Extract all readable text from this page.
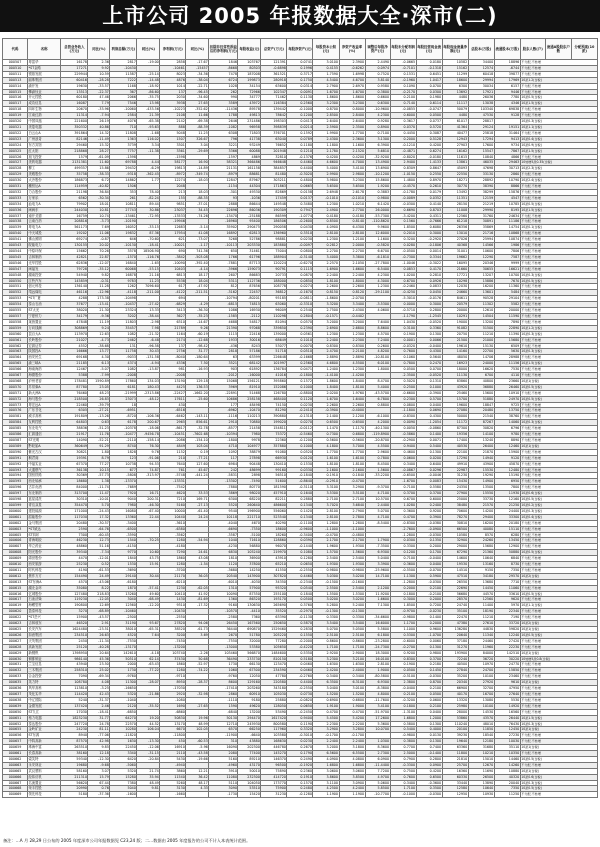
上市公司 2005 年报数据大全·深市(二)
代码	名称	总营业务收入(万元)	同比(%)	利润总额(万元)	同比(%)	净利润(万元)	同比(%)	扣除非经常性损益后的净利润(万元)	每股收益(元)	总资产(万元)	每股净资产(元)	每股资本公积(元)	净资产收益率(%)	调整后每股净资产(元)	每股未分配利润(元)	每股经营现金流(元)	每股现金流量净额(元)	总股本(万股)	流通股本(万股)	股东人数(户)	流通A股股东户数	分配预案(10派)
000507	粤富华	16178	2.36	2817	-19.00	2858	-17.67	1846	103767	121391	0.0741	3.0100	2.3900	2.4490	-0.0665	0.0180	10582	34400	18896	不分配,不转增		
000510	*ST金路	17271	9.92	-10430		-10461	-15457	-8668	80303	-0.6898	0.1996	0.4155	-0.6262	0.0974	-0.7101	-0.1318	15162	12574	-6744	不分配,不转增		
000511	银基发展	229944	10.59	11587	-25.14	8023	-34.36	7478	187008	361521	0.3717	1.7590	1.6998	0.7520	0.1531	0.6451	11299	60418	39877	不分配,不转增		
000513	丽珠集团	60416	-28.28	7222	-14.48	4876	-38.04	6724	199873	280918	0.1750	4.5400	4.6700	3.8140	-0.1960	1.0417	18600	29994	17969	10派1.2(含税)		
000514	渝开发	19630	-33.57	1168	-18.92	1014	-22.71	1028	34154	63600	0.0314	2.7900	2.6970	0.9580	0.1090	0.0700	6300	30034	6157	不分配,不转增		
000515	攀渝钛业	13513	-22.37	367	-86.60	137	-96.45	262	72966	102347	0.0091	1.6700	1.6700	0.3800	-0.2170	0.0300	13692	17921	9446	不分配,不转增		
000516	开元控股	60180	47.46	2066	-35.75	2030	-34.60	990	34777	71462	0.1130	1.8600	1.8600	0.6600	0.2100	0.1980	4480	26036	7780	10派0.5(含税)		
000517	成功信息	16087	7.79	7546	13.98	3938	27.65	3589	43972	116384	0.2560	3.2300	3.2300	0.6300	0.7140	0.6114	11117	13038	4346	10派1.5(含税)		
000518	四环生物	20670	-33.96	-10060	-433.56	-10223	-352.62	-11436	89578	139442	-0.1000	0.8700	0.8000	-10.9600	-0.0855	-0.0747	50079	103340	69838	不分配,不转增		
000519	江南红箭	11314	-7.94	2584	21.39	2108	11.66	1788	49813	78642	0.1200	2.8500	2.8400	4.2300	0.6000	0.0500	4480	47530	9128	不分配,不转增		
000520	中国凤凰	221600	26.19	4076	-65.38	2142	-69.38	2646	231486	198303	0.0413	2.6400	2.6400	0.9280	0.3617	0.0737	61017	28817		10派0.3(含税)		
000521	美菱电器	350332	40.86	710	-93.63	888	-88.39	-1082	96958	398839	0.0214	2.5900	2.3500	0.8900	0.0370	0.5720	41364	29124	19151	10派1.1(含税)		
000522	白云山A	391864	14.32	11808	-1.68	5048	11.25	6308	71803	376701	0.1592	1.9900	1.7700	0.7100	0.4450	0.3087	40477	25818	31464	不分配,不转增		
000523	广州浪奇	82146	-11.49	1363	116.02	1507	326.67	796	41738	63040	0.0789	2.4300	2.3600	3.1300	0.2000	0.5128	12943	17294	9413	10派0.4(含税)		
000524	东方宾馆	29460	15.32	3739	3.34	3301	3.04	3221	93249	76652	0.1180	1.1800	1.1600	6.3900	-0.1210	0.4200	27903	17600	9734	10派0.9(含税)		
000525	红太阳	218868	28.27	7757	-11.38	3361	-29.69	3366	60088	201948	0.1210	2.1780	2.1520	5.6810	-0.4871	0.6274	16162	15547	7867	10派1.5(含税)		
000526	旭飞投资	1579	-61.09	-1598		-1598		-1597	4869	32810	-0.1376	0.4200	0.4200	-32.9200	-0.8020	-0.0180	11615	10840	4866	不分配,不转增		
000527	美的电器	2131381	11.60	69788	4.44	58177	16.90	58321	366486	946648	0.4460	4.6600	4.7000	13.4900	2.9400	1.4133	13861	46035	29463	10转增5派0.35(含税)		
000528	柳工	499357	15.86	29432	-6.29	19813	-14.89	21131	161158	384857	0.4400	5.4000	3.4100	13.6900	0.8309	0.8647	45093	47698	30713	10派2.3(含税)		
000529	美雅股份	35758	-38.33	-9318	-362.45	-8972	-349.74	-8979	88681	81480	-0.3020	2.9900	2.9800	-10.1200	-1.0150	0.2550	22550	33130	2860	不分配,不转增		
000530	大冷股份	186873	6.72	14862	1.77	12274	-18.03	12847	87967	303211	0.4800	3.9800	3.2300	15.8600	1.4800	0.8970	18271	28892	10790	10派2.4(含税)		
000531	穗恒运A	114959	-40.82	1506		2048		-1154	44304	171863	0.0665	3.6500	3.6500	1.9200	-0.4570	0.2610	30770	38390	8866	不分配,不转增		
000532	力合股份	21198	36.84	353	78.40	213	18.03	-301	49330	82869	0.0158	2.6948	2.6178	0.3883	-0.1780	0.0179	13492	38299	15876	不分配,不转增		
000533	万家乐	6562	-30.34	261	-82.24	155	-88.35	93	-1036	17459	0.0137	-0.1010	-0.1010	0.9800	-0.0089	0.0352	11351	12159	4547	不分配,不转增		
000534	汕电力A	79902	18.01	10811	89.44	9851	-37.01	2888	86644	149548	0.3480	1.2300	1.0210	6.1420	-0.0300	0.4140	28150	21219	10785	10派0.5(含税)		
000536	闽闽东	244030	10.81	27743	30.86	23037	34.45	22696	86036	190309	0.7947	2.4900	2.7700	26.0000	0.6690	0.8703	11008	29990	8195	10派1.5(含税)		
000537	南开戈德	16759	10.74	-13461	-72.95	-13533	-74.26	-13470	-25188	86599	-1.0774	0.4180	0.4180	-53.7300	-3.4200	0.4311	12560	31760	24634	不分配,不转增		
000538	云南白药	208816	-3.73	-10190		-19946		-16960	95400	186506	-0.2600	0.8500	0.8140	-110.8620	0.1560	-0.7666	61218	30891	11186	不分配,不转增		
000539	粤电力A	561173	7.69	16052	-33.15	12683	-5.14	35902	290475	290058	0.0430	4.0900	6.4300	9.9600	1.8500	0.6080	26356	35869	14754	10派0.1(含税)		
000540	中天城投	19202	11.06	19832	87.36	17954	41.08	16892	62813	136960	0.3510	2.8100	2.8100	12.6000	0.2010	0.3000	13010	21716	10868	不分配,不转增		
000541	佛山照明	69274	-0.87	646	-70.60	621	-73.07	3268	52786	98881	0.0230	1.2300	1.2100	1.1600	0.3200	-0.2920	27026	25994	10874	不分配,不转增		
000543	皖能电力	130155	20.02	-10130	-18.41	-10021	-1.17	-10113	203330	183880	-0.0097	0.2812	2.0000	-0.5820	0.0280	-0.1806	40368	14566	1986	不分配,不转增		
000544	中原环保	15662	70.26	3578	18506.90	690	741.36	650	31461	75004	0.0800	2.2700	2.2700	6.6700	-0.0500	0.0014	31001	10600	7806	不分配,不转增		
000545	吉林制药	42821	22.87	-1570	-116.76	-3842	-503.08	1766	61796	188904	-0.3140	3.4000	3.3800	-6.1810	-0.7300	0.3344	19662	12290	7587	不分配,不转增		
000546	光华控股	62836	-12.07	16840	-1.65	-10090	-392.40	-7881	87713	120224	-0.6270	2.2570	2.1050	-27.7800	-1.0046	-0.3022	16095	20346	9999	不分配,不转增		
000547	闽福发	79728	-35.12	60068	-53.15	10403	-4.14	-3966	159073	90791	0.1115	1.6900	1.6600	6.5400	0.0853	0.4170	21660	30655	16621	不分配,不转增		
000548	湖南投资	54940	9.82	16878	21.16	6813	18.17	2607	86683	20733	0.0870	2.2400	2.2400	4.2300	1.0200	0.2810	17721	13207	10700	10派0.3(含税)		
000550	江铃汽车	145859	-0.31	9783	11.23	5538	18.04	5311	112736	188000	0.0850	1.8100	1.8000	4.3000	0.6700	0.0926	10298	15886	7670	10派0.5(含税)		
000551	创元科技	136140	11.28	1262	7096.60	617	-47.92	812	87656	108778	0.0274	2.2600	2.2600	1.2300	-0.2460	0.0833	12030	16200	11360	不分配,不转增		
000552	靖远煤电	46116	-12.96	-4118	-211.00	-4122	-211.51	-3162	22457	36812	-0.1670	0.8150	0.8120	-29.1100	-0.4250	0.0450	24660	13601	5484	不分配,不转增		
000553	*ST广夏	4288	173.38	-10498		694		-10794	-80201	95185	-0.0811	-1.8600	-2.0700		-5.3010	-0.0176	84611	90528	29104	不分配,不转增		
000554	泰山石油	37677	-13.41	-10437	-27.42	-6829	-4.29	-6815	74815	63060	-0.3310	3.3200	3.3400	-3.5300	0.0000	0.3000	20579	11302	5582	不分配,不转增		
000555	ST太光	38020	21.30	23324	13.33	3413	-36.30	1086	16930	96009	0.2540	2.7500	2.4300	4.0600	-0.5710	0.2800	20000	12610	20000	不分配,不转增		
000557	宁夏恒力	34179	-9.36	3202	-38.44	3627	-35.23	-1585	-2112	110298	0.2804	-0.1571	-0.4402		-1.1790	-1.2545	10291	14504	11590	不分配,不转增		
000558	莱茵置业	47848	11.19	11803	-2.98	6310	-14.67	4688	54817	81094	0.0570	3.2000	3.2000	7.6400	1.0430	-0.0520	19000	13200	7890	不分配,不转增		
000559	万向钱潮	308869	9.24	35457	7.98	21789	9.26	21390	97068	339850	0.2390	2.6900	2.6800	8.8600	0.3100	0.3360	91082	51500	22890	10派1.2(含税)		
000560	昆百大A	113970	12.63	1082	-21.32	1164	-60.19	1115	22416	139000	0.0561	1.2300	1.2300	4.5700	0.1900	0.1300	20750	11210	11390	10派0.3(含税)		
000561	长岭股份	21027	-4.73	2462	-6.48	2174	-12.68	1933	30016	68649	0.1010	2.2400	2.2300	7.2400	0.0001	0.0066	21500	21000	15680	不分配,不转增		
000562	宏源证券	4552	-38.68	131	-96.58	137	-98.42	-436	8243	53077	0.0070	0.8300	0.8300	0.2600	-0.0320	-0.0400	19610	15130	6509	不分配,不转增		
000563	陕国投A	16666	13.77	11758	30.43	2756	31.77	2818	57186	51718	0.0510	2.4700	2.2100	4.8200	0.7600	0.4300	14160	22700	5630	10派0.3(含税)		
000564	西安民生	69168	4.30	-9033	-131.58	-8040	-180.64	63	63399	226648	-0.1668	2.8890	2.8890	-10.8100	0.1060	0.5640	48050	14706	28988	不分配,不转增		
000565	渝三峡A	21185	6.13	4374	-4.94	4336	7.50	3521	68142	101997	0.2560	4.6800	4.5500	6.0100	0.7800	0.2470	16923	24000	11156	10派1.5(含税)		
000566	海南海药	12467	-5.07	1082	-13.87	981	-16.93	903	61892	136784	0.0471	1.2400	1.2300	1.8000	0.0500	0.0700	18000	16620	7530	不分配,不转增		
000567	海德股份	5388	-7.99	-2008		-2008		-2012	-16000	41016	-0.1800	-1.4100	-1.4200		-2.3500	-0.0520	11130	6700	4110	不分配,不转增		
000568	泸州老窖	178481	1590.89	17860	134.03	13190	129.18	15068	156121	395860	0.1572	1.8600	1.8400	8.4700	0.5020	0.1310	83860	40800	23660	10派1(含税)		
000570	苏常柴A	87780	23.05	6181	180.43	4425	136.53	3969	81910	152086	0.1000	1.8400	1.8100	5.4000	0.2500	0.1000	43920	36880	26460	10派0.5(含税)		
000571	新大洲A	76460	48.23	-21999	-2313.86	-22427	-1662.20	-22891	51468	126780	-0.8800	2.0200	1.9760	-43.5700	-0.6600	-0.3900	25460	15600	10910	不分配,不转增		
000572	海马股份	218500	26.83	23073	-48.12	17611	-25.60	10686	258158	468400	0.1120	1.6700	1.6400	6.7800	0.2300	0.5700	15700	51880	24970	10派0.5(含税)		
000573	粤宏远A	22460	-39.79	18		430		177	48498	74150	0.0230	2.2600	2.2600	0.8800	0.0800	0.0400	19600	18847	9725	不分配,不转增		
000576	广东甘化	6305	-27.21	-6951		-6516		-6962	-10470	81290	-0.2410	-0.3900	-0.4000		-1.1800	0.0690	27080	20480	13750	不分配,不转增		
000581	威孚高科	191809	-13.26	-8720	-106.36	-6462	-143.11	-1116	110213	390880	-0.1310	2.1400	2.1200	-6.1000	-0.8300	0.4300	50000	21540	38760	不分配,不转增		
000584	友利控股	64803	0.63	6178	200.67	2965	856.61	2910	70880	199020	0.0270	0.6500	0.6500	4.2000	0.0090	-1.2054	11172	87267	14060	10派0.3(含税)		
000585	东北电气	38836	-51.23	-10378	-18.06	-8617	-32.78	-8577	21458	154811	-0.0112	1.1470	1.1170	-40.1300	0.0050	-0.0860	87300	30820	6796	不分配,不转增		
000586	汇源通信	21917	11.76	-10477	-9456.78	-10451	-7602.68	-10394	7980	75372	-0.5460	0.7300	0.6800	-119.8900	-0.5860	0.1400	19356	14100	9780	不分配,不转增		
000587	ST光明	14090	-52.21	-2110	-158.14	-2086	-154.10	-1800	9978	22360	-0.1200	0.5600	0.5600	-20.8700	-0.2900	0.0071	17400	13240	8890	不分配,不转增		
000589	黔轮胎A	360649	91.29	8740	76.30	4849	103.04	4710	104977	357880	0.1000	4.1800	3.7000	4.5500	0.9400	0.5400	40530	26400	12460	10派1(含税)		
000590	紫光古汉	30821	1.80	1828	9.76	1152	0.19	1092	38879	91080	0.0520	1.7700	1.7700	2.9600	0.4600	0.1300	22100	21870	15900	不分配,不转增		
000591	桐君阁	19391	8.79	123	-91.06	210	-77.21	117	27898	66930	0.0120	1.6100	1.6100	0.7800	0.0600	0.0200	17290	14940	9120	不分配,不转增		
000592	中福实业	67370	77.27	10738	94.53	7640	127.60	6984	90448	130410	0.1530	1.8100	1.8100	8.4500	0.3400	0.6400	49910	43900	45870	不分配,不转增		
000593	大通燃气	36138	10.15	677	74.87	761	45.67	242	48699	99160	0.0330	2.1600	2.1600	1.5600	-0.0867	0.0296	22987	15530	12480	不分配,不转增		
000594	国恒铁路	30369	-57.73	-5808	-313.97	-5748	-441.24	-5831	2898	56510	-0.1840	0.1910	0.1840	-33.2200	-0.6500	-0.0046	31230	19290	15190	不分配,不转增		
000595	西北轴承	18680	1.38	-13370		-13331		-13302	-7490	51600	-0.8640	-0.2910	-0.4700		-1.6700	0.0083	15430	14900	6950	不分配,不转增		
000596	古井贡酒	84000	-11.74	-7689		-7542		-7880	80770	181590	-0.3110	3.3100	3.2900	-9.3700	0.7100	0.5580	24350	13500	7800	不分配,不转增		
000597	东北制药	313700	11.47	7920	16.71	4620	33.53	3869	98020	457910	0.1640	3.5300	3.5100	4.7100	0.3700	0.3700	27900	15550	11930	10派0.6(含税)		
000598	蓝星清洗	30310	-10.01	9040	200.31	7210	169.71	6300	68220	82211	0.2880	2.7100	2.7100	10.5700	0.6700	0.6000	25000	33730	12160	10派0.5(含税)		
000599	青岛双星	354470	5.70	7980	-46.30	5160	-27.13	5520	260640	486600	0.1340	3.7020	3.6840	2.4400	1.0280	0.2400	38480	21570	21250	10派0.2(含税)		
000600	建投能源	171000	-24.43	16080	-67.40	10000	-61.40	9540	196900	556060	0.1420	2.8100	2.7900	5.0700	0.3600	0.9200	70600	14200	24400	10派0.3(含税)		
000601	韶能股份	117030	17.32	13360	22.44	10440	24.24	10118	221710	523540	0.1340	2.8100	2.7800	4.7100	0.4700	0.3900	78270	29400	33300	10派0.4(含税)		
000602	金马集团	20480	-30.57	-3400		-3610		-4040	4670	40290	-0.1100	1.2800	1.2800	-8.5400	-0.8300	-0.0380	30810	16200	20180	不分配,不转增		
000603	*ST威达	2590	-64.76	-6500		-6380		-6690	-7350	18600	-0.9600	-1.1000	-1.1000		-2.7600	-0.0900	66500	40080	15110	不分配,不转增		
000605	ST四环	7300	-60.45	-3590		-3562		-3587	-5100	18260	-0.3400	-0.4700	-0.4800		-1.2800	-0.0300	10580	8570	6280	不分配,不转增		
000606	青海明胶	46230	12.73	1540	-70.25	1280	-54.94	1040	71610	128860	0.0390	2.1700	2.1700	1.7900	0.0300	0.1350	32900	24260	13450	不分配,不转增		
000607	华立药业	48860	51.16	-4150		-4180		-4230	56880	96070	-0.1440	1.9600	1.9300	-7.3500	0.3300	0.2000	29000	15680	12900	不分配,不转增		
000608	阳光股份	39340	-7.34	9770	10.60	7290	24.61	6830	105240	219970	0.1080	1.5700	1.5600	6.9300	0.1200	0.1700	67290	21360	50880	10派0.5(含税)		
000609	绵世股份	4470	-12.01	1840	43.75	1860	43.08	1810	36900	43910	0.1280	2.5400	2.5400	5.0400	0.7100	-0.0400	14600	10640	6840	不分配,不转增		
000610	西安旅游	25230	0.52	1530	15.91	1280	-1.54	1120	37800	65210	0.0650	1.9300	1.9300	3.3900	0.3600	0.0400	19530	13160	8730	不分配,不转增		
000611	时代科技	4190	-61.53	-3690		-3700		-3680	14250	41550	-0.2550	0.9800	0.9800	-25.9600	-0.5500	-0.0700	14510	9150	7350	不分配,不转增		
000612	焦作万方	154490	24.49	29140	30.44	21170	36.05	20540	143900	307820	0.4460	3.0300	3.0200	14.7100	1.1300	0.5900	47510	34180	29570	10派2(含税)		
000613	ST东海A	4570	-43.06	-6180		-6210		-6010	-4030	34350	-0.2340	-0.1500	-0.1600		-1.2800	-0.0300	26550	13680	7710	不分配,不转增		
000615	湖北金环	35080	8.22	1870	-57.41	1230	-62.05	1310	57900	95320	0.0540	2.5500	2.5400	2.1200	0.2000	0.2100	22690	14450	11060	不分配,不转增		
000616	亿城股份	127480	218.83	13260	49.60	10410	41.92	10090	87350	255100	0.1840	1.5500	1.5300	11.9200	0.1800	-0.2100	56680	44570	33610	10派0.5(含税)		
000617	石油济柴	119230	-12.05	3040	-68.49	1430	-81.69	1360	86320	193170	0.0500	3.0200	3.0200	1.6600	0.3000	0.2000	28570	12560	9620	不分配,不转增		
000619	海螺型材	190800	12.69	12560	-12.20	9310	-17.32	9160	130630	265690	0.3760	5.2800	5.2400	7.1300	1.8500	0.7200	24740	11400	5970	10派1.1(含税)		
000620	盈泰科技	3270	-68.89	-10460		-10430		-10570	-4410	35520	-0.2970	-0.1300	-0.1300		-0.9700	-0.0230	35100	18190	22340	不分配,不转增		
000622	*ST岳兴	15900	-43.57	-2500		-2550		-2580	7360	63390	-0.1130	0.3300	0.3300	-34.6600	-0.9800	0.1400	22470	11210	7190	不分配,不转增		
000623	吉林敖东	46520	2.91	31190	93.67	27820	94.06	26450	167560	250650	0.5870	3.5400	3.5400	16.6000	1.1700	0.2000	47380	27610	33720	10派2(含税)		
000625	长安汽车	1624480	-23.51	38010	-65.31	38520	-61.73	36440	690870	1529460	0.2830	5.0700	5.0500	5.5800	1.1000	0.9600	136280	44830	59820	10派1(含税)		
000626	如意集团	234510	26.63	4520	7.64	3200	3.69	2670	51780	205220	0.1550	2.5100	2.5100	6.1800	0.5300	-1.0700	20640	11340	12240	10派0.5(含税)		
000627	天茂集团	2450	-11.34	-7530		-7450		-7550	32000	77280	-0.2000	0.8600	0.8600	-23.2800	-0.6000	0.0060	37180	24460	27420	不分配,不转增		
000628	高新发展	25120	-40.28	-13170		-13200		-13000	53380	105650	-0.4220	1.7100	1.7100	-24.7300	-0.2700	0.1300	31270	11960	22230	不分配,不转增		
000629	新钢钒	1398950	20.64	142610	-4.18	103740	-2.26	103460	566870	1484600	0.5350	2.9200	2.9000	18.3000	0.9200	0.9800	193900	84000	142510	10派1(含税)		
000630	铜都铜业	986140	45.36	50510	62.14	37430	50.68	36490	233730	810150	0.5180	3.2300	3.2100	16.0100	0.8300	0.3700	72240	36720	30220	10转增5派0.8(含税)		
000631	兰宝信息	43940	23.50	2000	-63.43	1860	-52.97	1730	66130	123470	0.0460	1.6300	1.6300	2.8100	0.1900	0.2180	40500	10970	24770	不分配,不转增		
000632	三木集团	258310	25.02	1730	-77.22	1280	-74.22	1060	67300	234590	0.0460	2.4200	2.4000	1.9000	0.0500	0.1450	27840	24700	15850	不分配,不转增		
000633	合金投资	7090	-69.34	-9760		-9710		-9760	12050	47780	-0.2760	0.3400	0.3400	-80.5800	-0.5100	-0.0300	35200	10100	23460	不分配,不转增		
000635	英力特	108780	4.08	11300	-28.07	8950	-28.37	8600	129160	220580	0.4400	6.3500	6.3100	6.9300	2.3800	0.8700	20340	27920	9610	10派1(含税)		
000636	风华高科	113810	-3.25	-16650		-17030		-17410	203260	343180	-0.2550	3.0400	3.0100	-8.3800	-0.0400	0.2100	66900	32700	47950	不分配,不转增		
000637	茂化实华	114420	42.43	5320	-21.86	2920	-32.98	2860	60910	105030	0.0730	1.5200	1.5200	4.8000	0.2100	0.0500	40170	16700	27640	不分配,不转增		
000638	中辽国际	5240	-31.37	-1040		-1080		-1110	9180	25880	-0.0820	0.6900	0.6800	-11.7600	-0.3200	0.0600	13320	13080	5530	不分配,不转增		
000639	金德发展	137420	2.46	2120	-35.52	1690	-27.65	1590	49620	128050	0.0650	1.9100	1.9000	3.4100	0.1800	0.2100	25980	10100	14920	不分配,不转增		
000650	ST九江	17030	-18.41	-6850		-6860		-6840	13200	53490	-0.2450	0.4700	0.4700	-51.9700	-1.3100	0.0400	28000	14530	16560	不分配,不转增		
000651	格力电器	1823230	31.77	64270	19.20	50830	19.96	50130	294470	1617420	0.9400	5.4500	5.4200	17.2600	1.6800	1.2000	53860	43570	26440	10派1.5(含税)		
000652	泰达股份	247720	24.78	22570	44.52	13170	48.99	12710	245930	800580	0.1190	2.2300	2.2200	5.3600	0.5800	0.1300	110240	48010	76430	10派0.3(含税)		
000655	金岭矿业	24230	81.11	10280	106.04	6670	102.05	6570	66250	117960	0.3320	3.2900	3.2800	10.0700	0.5400	0.4000	20100	11850	12450	10派1(含税)		
000656	ST东源	8940	-77.06	-11820		-11800		-11900	-6640	103580	-0.3010	-0.1700	-0.1700		-0.9800	0.0130	39230	18540	27230	不分配,不转增		
000657	中钨高新	87570	42.98	1630	-13.30	450	-60.53	310	43880	168630	0.0230	2.2400	2.2400	1.0300	0.3800	0.1300	19640	12180	10030	不分配,不转增		
000659	珠海中富	263510	9.85	22450	-12.06	16910	-5.96	16090	202300	446780	0.2670	3.2000	3.1800	8.3600	0.7700	0.7400	63360	31680	35110	10派1(含税)		
000661	长春高新	38160	12.18	3340	-31.15	2110	-43.58	2080	77400	145270	0.1790	6.5600	6.5500	2.7300	2.5000	-0.1400	11800	10210	10350	不分配,不转增		
000662	索芙特	59340	-12.30	6420	-20.84	5430	-19.66	5160	89210	146370	0.2490	4.0900	4.0800	6.0900	0.7900	0.2800	21810	15010	14460	10派0.5(含税)		
000663	永安林业	19680	-9.68	-5060		-4940		-4960	43170	96500	-0.1920	1.6800	1.6800	-11.4400	-0.3300	0.0900	25700	12670	14260	不分配,不转增		
000665	武汉塑料	58160	3.07	5320	21.74	3860	12.21	3910	50010	75890	0.2360	3.0600	3.0600	7.7200	0.7500	0.4200	16360	11690	10880	10派1(含税)		
000666	经纬纺机	211310	15.79	15280	35.94	11540	36.42	11080	232300	414720	0.1910	3.8600	3.8500	4.9700	0.7600	0.6500	60330	26500	40320	10派0.6(含税)		
000667	名流置业	56620	67.44	7380	48.49	5260	48.17	5110	104050	173770	0.1570	3.1100	3.0900	5.0600	0.3400	-0.3600	33440	13890	20040	10派0.3(含税)		
000668	荣丰控股	20990	0.76	5040	9.81	3130	4.33	3090	53510	75900	0.2480	4.2500	4.2400	5.8500	1.7100	0.3500	12580	10640	7350	10派0.5(含税)		
000669	领先科技	5180	-37.36	-1600		-1660		-1730	15420	31230	-0.1280	1.1900	1.1900	-10.7700	-0.1000	-0.0300	12950	10930	11250	不分配,不转增		
备注：…A 月 28,29 日公布的 2005 年度深市公司年报数据见 C23,24 版；二…数据由 2005 年度报告的公司不计入本表统计范围。
